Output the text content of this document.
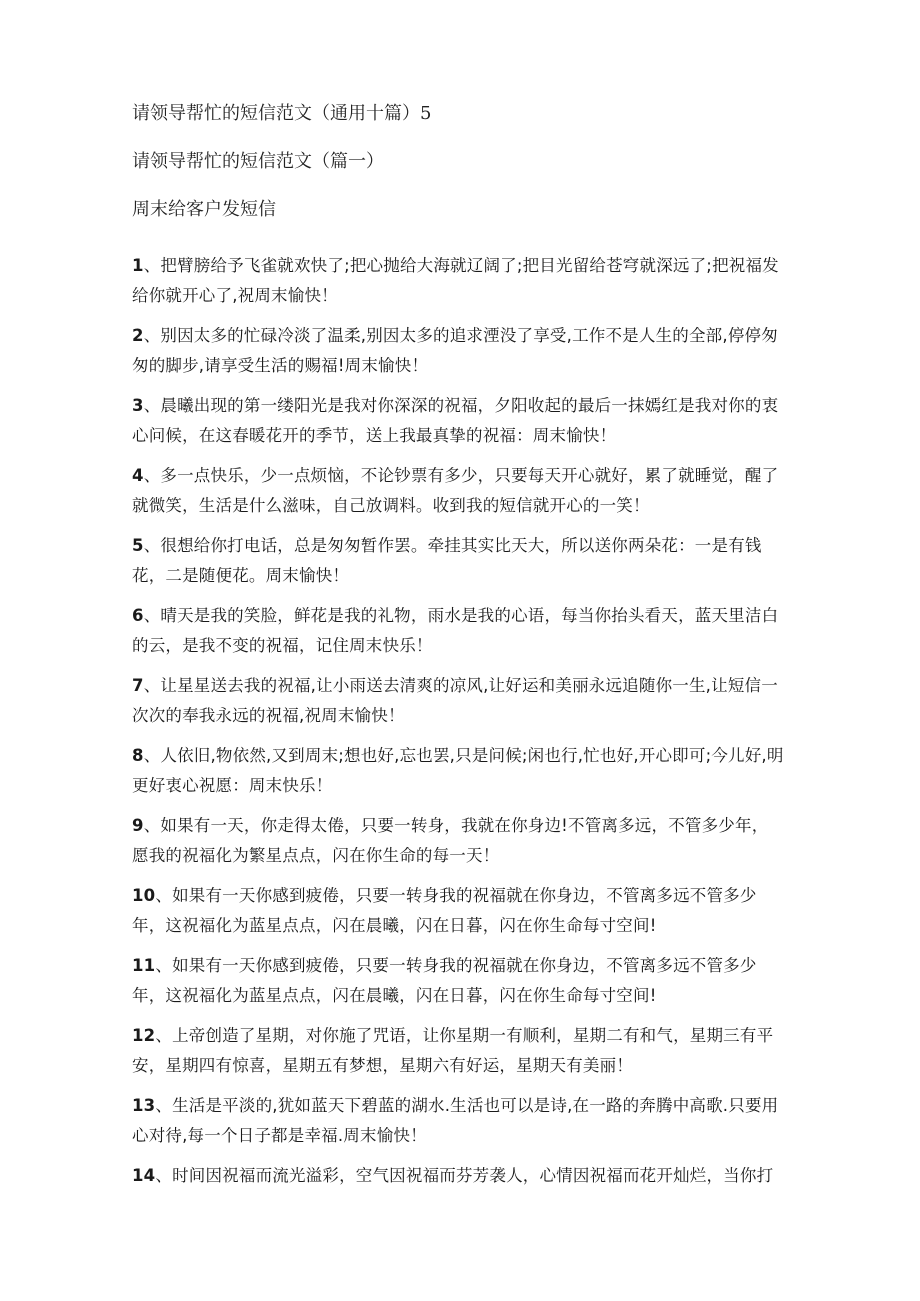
请领导帮忙的短信范文（通用十篇）5

请领导帮忙的短信范文（篇一）

周末给客户发短信

1、把臂膀给予飞雀就欢快了;把心抛给大海就辽阔了;把目光留给苍穹就深远了;把祝福发给你就开心了,祝周末愉快！
2、别因太多的忙碌冷淡了温柔,别因太多的追求湮没了享受,工作不是人生的全部,停停匆匆的脚步,请享受生活的赐福!周末愉快！
3、晨曦出现的第一缕阳光是我对你深深的祝福，夕阳收起的最后一抹嫣红是我对你的衷心问候，在这春暖花开的季节，送上我最真挚的祝福：周末愉快！
4、多一点快乐，少一点烦恼，不论钞票有多少，只要每天开心就好，累了就睡觉，醒了就微笑，生活是什么滋味，自己放调料。收到我的短信就开心的一笑！
5、很想给你打电话，总是匆匆暂作罢。牵挂其实比天大，所以送你两朵花：一是有钱花，二是随便花。周末愉快！
6、晴天是我的笑脸，鲜花是我的礼物，雨水是我的心语，每当你抬头看天，蓝天里洁白的云，是我不变的祝福，记住周末快乐！
7、让星星送去我的祝福,让小雨送去清爽的凉风,让好运和美丽永远追随你一生,让短信一次次的奉我永远的祝福,祝周末愉快！
8、人依旧,物依然,又到周末;想也好,忘也罢,只是问候;闲也行,忙也好,开心即可;今儿好,明更好衷心祝愿：周末快乐！
9、如果有一天，你走得太倦，只要一转身，我就在你身边!不管离多远，不管多少年，愿我的祝福化为繁星点点，闪在你生命的每一天！
10、如果有一天你感到疲倦，只要一转身我的祝福就在你身边，不管离多远不管多少年，这祝福化为蓝星点点，闪在晨曦，闪在日暮，闪在你生命每寸空间!
11、如果有一天你感到疲倦，只要一转身我的祝福就在你身边，不管离多远不管多少年，这祝福化为蓝星点点，闪在晨曦，闪在日暮，闪在你生命每寸空间!
12、上帝创造了星期，对你施了咒语，让你星期一有顺利，星期二有和气，星期三有平安，星期四有惊喜，星期五有梦想，星期六有好运，星期天有美丽！
13、生活是平淡的,犹如蓝天下碧蓝的湖水.生活也可以是诗,在一路的奔腾中高歌.只要用心对待,每一个日子都是幸福.周末愉快！
14、时间因祝福而流光溢彩，空气因祝福而芬芳袭人，心情因祝福而花开灿烂，当你打
